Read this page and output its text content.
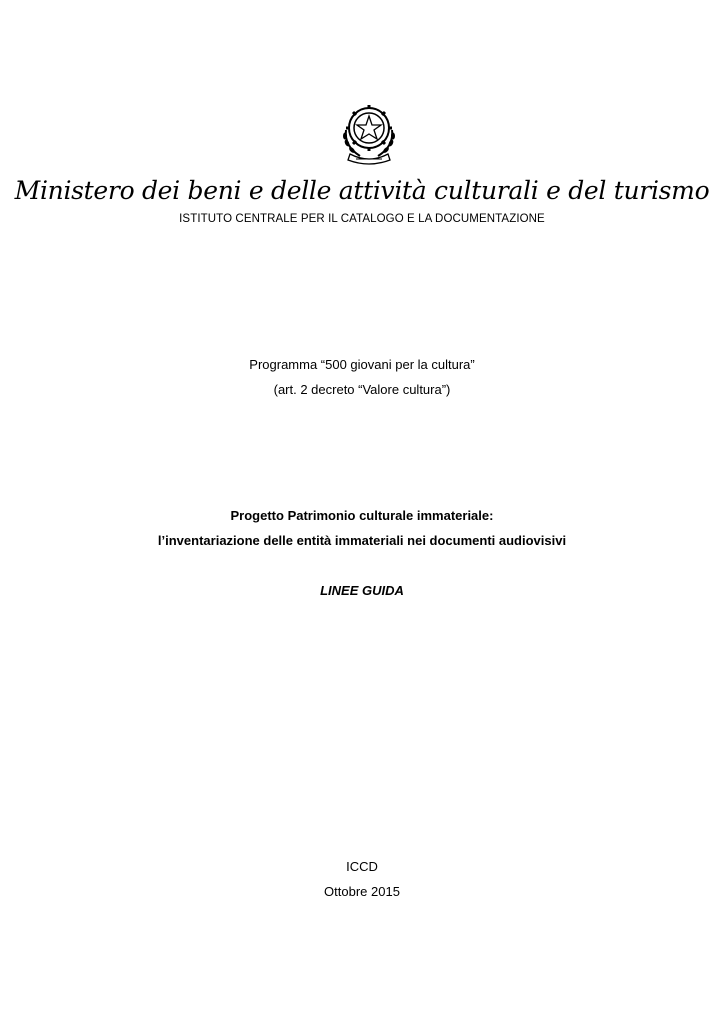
Ministero dei beni e delle attività culturali e del turismo
ISTITUTO CENTRALE PER IL CATALOGO E LA DOCUMENTAZIONE
Programma “500 giovani per la cultura”
(art. 2 decreto “Valore cultura”)
Progetto Patrimonio culturale immateriale:
l’inventariazione delle entità immateriali nei documenti audiovisivi
LINEE GUIDA
ICCD
Ottobre 2015
